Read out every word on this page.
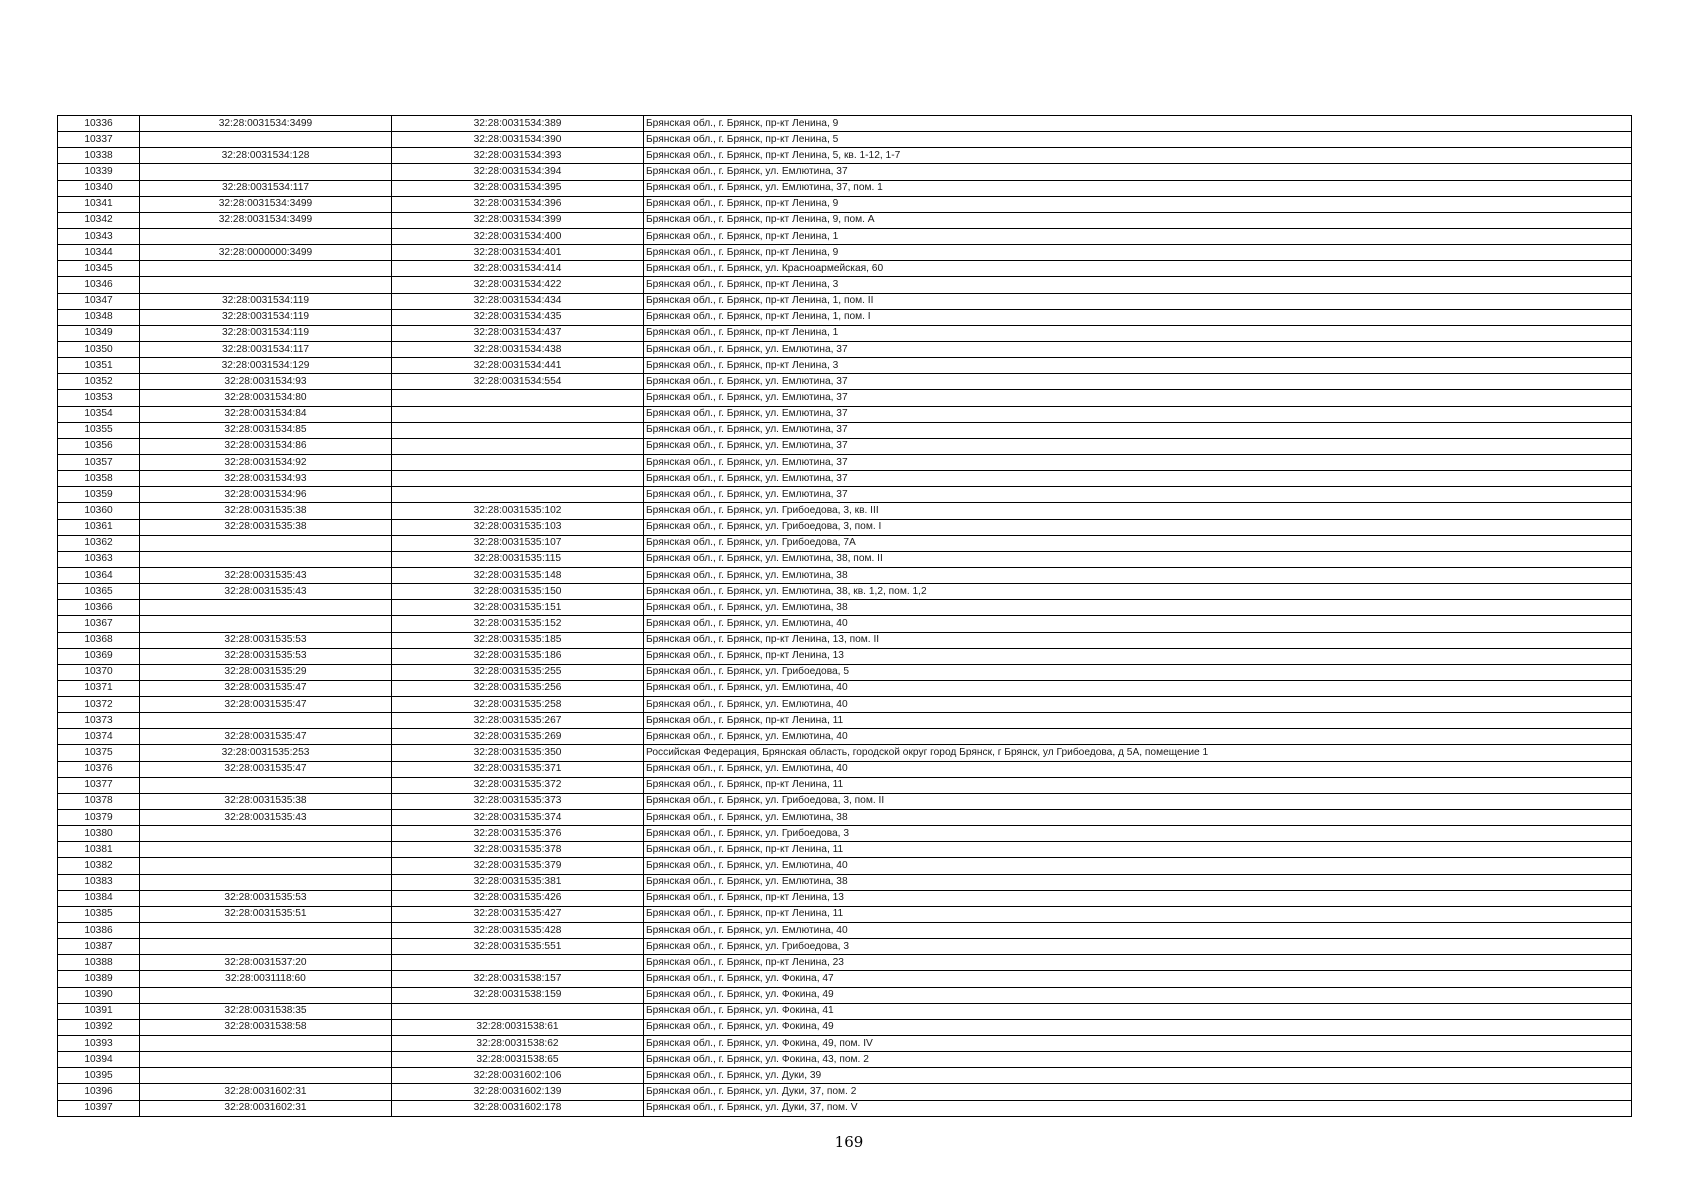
10336	32:28:0031534:3499	32:28:0031534:389	Брянская обл., г. Брянск, пр-кт Ленина, 9
10337		32:28:0031534:390	Брянская обл., г. Брянск, пр-кт Ленина, 5
10338	32:28:0031534:128	32:28:0031534:393	Брянская обл., г. Брянск, пр-кт Ленина, 5, кв. 1-12, 1-7
10339		32:28:0031534:394	Брянская обл., г. Брянск, ул. Емлютина, 37
10340	32:28:0031534:117	32:28:0031534:395	Брянская обл., г. Брянск, ул. Емлютина, 37, пом. 1
10341	32:28:0031534:3499	32:28:0031534:396	Брянская обл., г. Брянск, пр-кт Ленина, 9
10342	32:28:0031534:3499	32:28:0031534:399	Брянская обл., г. Брянск, пр-кт Ленина, 9, пом. А
10343		32:28:0031534:400	Брянская обл., г. Брянск, пр-кт Ленина, 1
10344	32:28:0000000:3499	32:28:0031534:401	Брянская обл., г. Брянск, пр-кт Ленина, 9
10345		32:28:0031534:414	Брянская обл., г. Брянск, ул. Красноармейская, 60
10346		32:28:0031534:422	Брянская обл., г. Брянск, пр-кт Ленина, 3
10347	32:28:0031534:119	32:28:0031534:434	Брянская обл., г. Брянск, пр-кт Ленина, 1, пом. II
10348	32:28:0031534:119	32:28:0031534:435	Брянская обл., г. Брянск, пр-кт Ленина, 1, пом. I
10349	32:28:0031534:119	32:28:0031534:437	Брянская обл., г. Брянск, пр-кт Ленина, 1
10350	32:28:0031534:117	32:28:0031534:438	Брянская обл., г. Брянск, ул. Емлютина, 37
10351	32:28:0031534:129	32:28:0031534:441	Брянская обл., г. Брянск, пр-кт Ленина, 3
10352	32:28:0031534:93	32:28:0031534:554	Брянская обл., г. Брянск, ул. Емлютина, 37
10353	32:28:0031534:80		Брянская обл., г. Брянск, ул. Емлютина, 37
10354	32:28:0031534:84		Брянская обл., г. Брянск, ул. Емлютина, 37
10355	32:28:0031534:85		Брянская обл., г. Брянск, ул. Емлютина, 37
10356	32:28:0031534:86		Брянская обл., г. Брянск, ул. Емлютина, 37
10357	32:28:0031534:92		Брянская обл., г. Брянск, ул. Емлютина, 37
10358	32:28:0031534:93		Брянская обл., г. Брянск, ул. Емлютина, 37
10359	32:28:0031534:96		Брянская обл., г. Брянск, ул. Емлютина, 37
10360	32:28:0031535:38	32:28:0031535:102	Брянская обл., г. Брянск, ул. Грибоедова, 3, кв. III
10361	32:28:0031535:38	32:28:0031535:103	Брянская обл., г. Брянск, ул. Грибоедова, 3, пом. I
10362		32:28:0031535:107	Брянская обл., г. Брянск, ул. Грибоедова, 7А
10363		32:28:0031535:115	Брянская обл., г. Брянск, ул. Емлютина, 38, пом. II
10364	32:28:0031535:43	32:28:0031535:148	Брянская обл., г. Брянск, ул. Емлютина, 38
10365	32:28:0031535:43	32:28:0031535:150	Брянская обл., г. Брянск, ул. Емлютина, 38, кв. 1,2, пом. 1,2
10366		32:28:0031535:151	Брянская обл., г. Брянск, ул. Емлютина, 38
10367		32:28:0031535:152	Брянская обл., г. Брянск, ул. Емлютина, 40
10368	32:28:0031535:53	32:28:0031535:185	Брянская обл., г. Брянск, пр-кт Ленина, 13, пом. II
10369	32:28:0031535:53	32:28:0031535:186	Брянская обл., г. Брянск, пр-кт Ленина, 13
10370	32:28:0031535:29	32:28:0031535:255	Брянская обл., г. Брянск, ул. Грибоедова, 5
10371	32:28:0031535:47	32:28:0031535:256	Брянская обл., г. Брянск, ул. Емлютина, 40
10372	32:28:0031535:47	32:28:0031535:258	Брянская обл., г. Брянск, ул. Емлютина, 40
10373		32:28:0031535:267	Брянская обл., г. Брянск, пр-кт Ленина, 11
10374	32:28:0031535:47	32:28:0031535:269	Брянская обл., г. Брянск, ул. Емлютина, 40
10375	32:28:0031535:253	32:28:0031535:350	Российская Федерация, Брянская область, городской округ город Брянск, г Брянск, ул Грибоедова, д 5А, помещение 1
10376	32:28:0031535:47	32:28:0031535:371	Брянская обл., г. Брянск, ул. Емлютина, 40
10377		32:28:0031535:372	Брянская обл., г. Брянск, пр-кт Ленина, 11
10378	32:28:0031535:38	32:28:0031535:373	Брянская обл., г. Брянск, ул. Грибоедова, 3, пом. II
10379	32:28:0031535:43	32:28:0031535:374	Брянская обл., г. Брянск, ул. Емлютина, 38
10380		32:28:0031535:376	Брянская обл., г. Брянск, ул. Грибоедова, 3
10381		32:28:0031535:378	Брянская обл., г. Брянск, пр-кт Ленина, 11
10382		32:28:0031535:379	Брянская обл., г. Брянск, ул. Емлютина, 40
10383		32:28:0031535:381	Брянская обл., г. Брянск, ул. Емлютина, 38
10384	32:28:0031535:53	32:28:0031535:426	Брянская обл., г. Брянск, пр-кт Ленина, 13
10385	32:28:0031535:51	32:28:0031535:427	Брянская обл., г. Брянск, пр-кт Ленина, 11
10386		32:28:0031535:428	Брянская обл., г. Брянск, ул. Емлютина, 40
10387		32:28:0031535:551	Брянская обл., г. Брянск, ул. Грибоедова, 3
10388	32:28:0031537:20		Брянская обл., г. Брянск, пр-кт Ленина, 23
10389	32:28:0031118:60	32:28:0031538:157	Брянская обл., г. Брянск, ул. Фокина, 47
10390		32:28:0031538:159	Брянская обл., г. Брянск, ул. Фокина, 49
10391	32:28:0031538:35		Брянская обл., г. Брянск, ул. Фокина, 41
10392	32:28:0031538:58	32:28:0031538:61	Брянская обл., г. Брянск, ул. Фокина, 49
10393		32:28:0031538:62	Брянская обл., г. Брянск, ул. Фокина, 49, пом. IV
10394		32:28:0031538:65	Брянская обл., г. Брянск, ул. Фокина, 43, пом. 2
10395		32:28:0031602:106	Брянская обл., г. Брянск, ул. Дуки, 39
10396	32:28:0031602:31	32:28:0031602:139	Брянская обл., г. Брянск, ул. Дуки, 37, пом. 2
10397	32:28:0031602:31	32:28:0031602:178	Брянская обл., г. Брянск, ул. Дуки, 37, пом. V
169
